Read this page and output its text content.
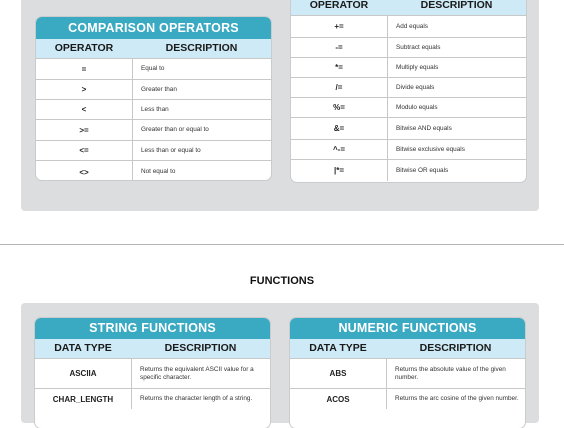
COMPARISON OPERATORS
OPERATOR	DESCRIPTION
=	Equal to
>	Greater than
<	Less than
>=	Greater than or equal to
<=	Less than or equal to
<>	Not equal to
OPERATOR	DESCRIPTION
+=	Add equals
-=	Subtract equals
*=	Multiply equals
/=	Divide equals
%=	Modulo equals
&=	Bitwise AND equals
^-=	Bitwise exclusive equals
|*=	Bitwise OR equals
FUNCTIONS
STRING FUNCTIONS
DATA TYPE	DESCRIPTION
ASCIIA	Returns the equivalent ASCII value for a specific character.
CHAR_LENGTH	Returns the character length of a string.
NUMERIC FUNCTIONS
DATA TYPE	DESCRIPTION
ABS	Returns the absolute value of the given number.
ACOS	Returns the arc cosine of the given number.
